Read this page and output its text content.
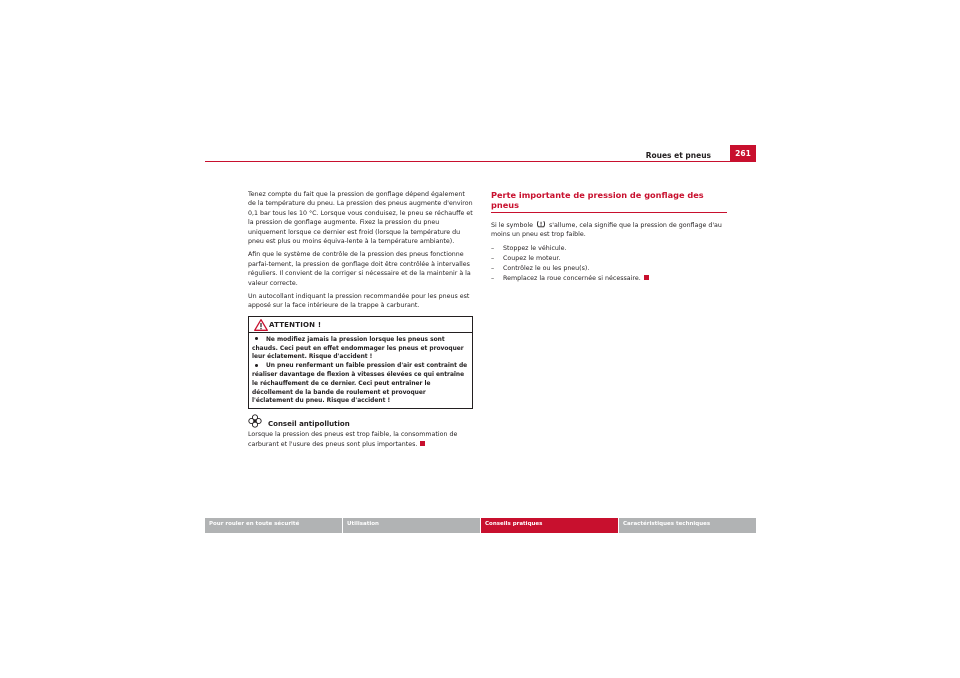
Roues et pneus	261

Tenez compte du fait que la pression de gonflage dépend également de la température du pneu. La pression des pneus augmente d'environ 0,1 bar tous les 10 °C. Lorsque vous conduisez, le pneu se réchauffe et la pression de gonflage augmente. Fixez la pression du pneu uniquement lorsque ce dernier est froid (lorsque la température du pneu est plus ou moins équiva-lente à la température ambiante).

Afin que le système de contrôle de la pression des pneus fonctionne parfai-tement, la pression de gonflage doit être contrôlée à intervalles réguliers. Il convient de la corriger si nécessaire et de la maintenir à la valeur correcte.

Un autocollant indiquant la pression recommandée pour les pneus est apposé sur la face intérieure de la trappe à carburant.

ATTENTION !
Ne modifiez jamais la pression lorsque les pneus sont chauds. Ceci peut en effet endommager les pneus et provoquer leur éclatement. Risque d'accident !
Un pneu renfermant un faible pression d'air est contraint de réaliser davantage de flexion à vitesses élevées ce qui entraîne le réchauffement de ce dernier. Ceci peut entraîner le décollement de la bande de roulement et provoquer l'éclatement du pneu. Risque d'accident !
Conseil antipollution

Lorsque la pression des pneus est trop faible, la consommation de carburant et l'usure des pneus sont plus importantes.

Perte importante de pression de gonflage des pneus

Si le symbole	s'allume, cela signifie que la pression de gonflage d'au moins un pneu est trop faible.

– Stoppez le véhicule.
– Coupez le moteur.
– Contrôlez le ou les pneu(s).
– Remplacez la roue concernée si nécessaire.
Pour rouler en toute sécurité	Utilisation	Conseils pratiques	Caractéristiques techniques
